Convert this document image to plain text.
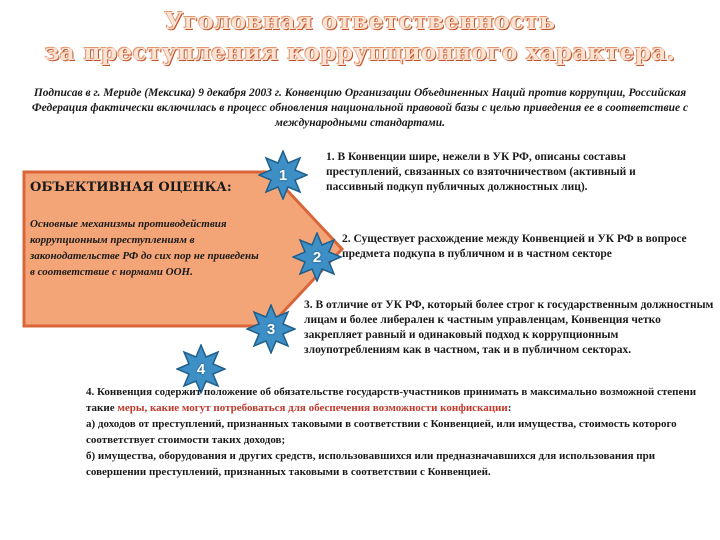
Уголовная ответственность
за преступления коррупционного характера.
Подписав в г. Мериде (Мексика) 9 декабря 2003 г. Конвенцию Организации Объединенных Наций против коррупции, Российская Федерация фактически включилась в процесс обновления национальной правовой базы с целью приведения ее в соответствие с международными стандартами.
ОБЪЕКТИВНАЯ ОЦЕНКА:
Основные механизмы противодействия коррупционным преступлениям в законодательстве РФ до сих пор не приведены в соответствие с нормами ООН.
1
2
3
4
1. В Конвенции шире, нежели в УК РФ, описаны составы преступлений, связанных со взяточничеством (активный и пассивный подкуп публичных должностных лиц).
2. Существует расхождение между Конвенцией и УК РФ в вопросе предмета подкупа в публичном и в частном секторе
3. В отличие от УК РФ, который более строг к государственным должностным лицам и более либерален к частным управленцам, Конвенция четко закрепляет равный и одинаковый подход к коррупционным злоупотреблениям как в частном, так и в публичном секторах.
4. Конвенция содержит положение об обязательстве государств-участников принимать в максимально возможной степени такие меры, какие могут потребоваться для обеспечения возможности конфискации:
а) доходов от преступлений, признанных таковыми в соответствии с Конвенцией, или имущества, стоимость которого соответствует стоимости таких доходов;
б) имущества, оборудования и других средств, использовавшихся или предназначавшихся для использования при совершении преступлений, признанных таковыми в соответствии с Конвенцией.
